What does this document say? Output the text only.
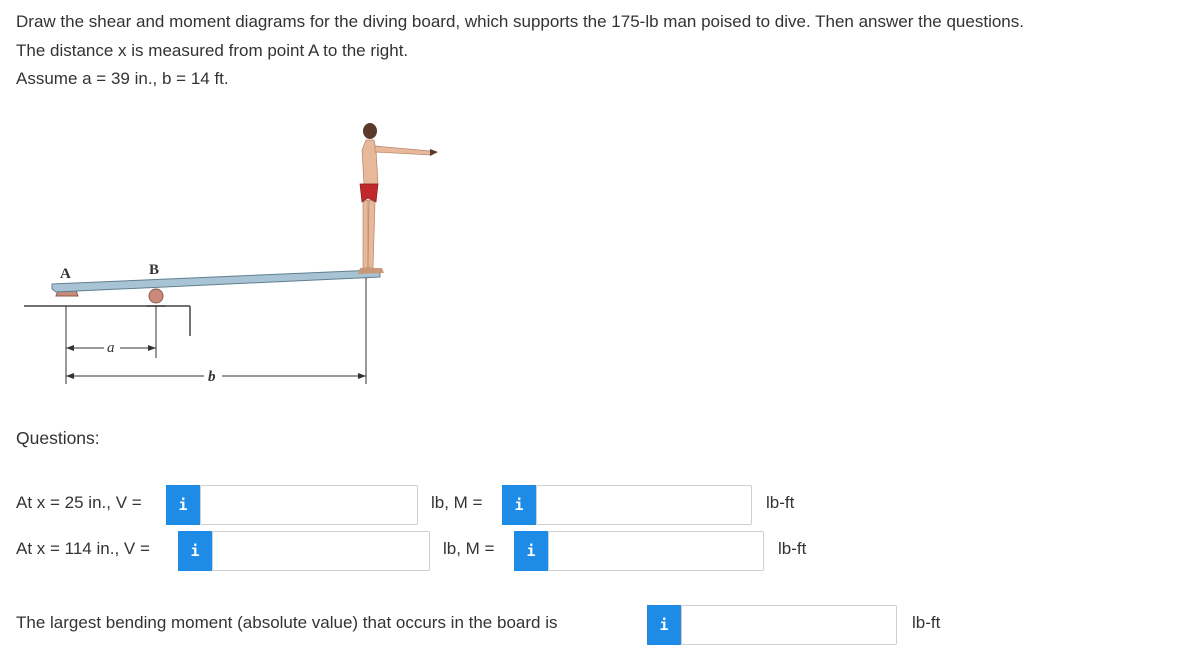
Draw the shear and moment diagrams for the diving board, which supports the 175-lb man poised to dive. Then answer the questions.

The distance x is measured from point A to the right.

Assume a = 39 in., b = 14 ft.

A	B
a
b
Questions:
At x = 25 in., V =	i	lb, M =	i	lb-ft
At x = 114 in., V =	i	lb, M =	i	lb-ft
The largest bending moment (absolute value) that occurs in the board is	i	lb-ft
